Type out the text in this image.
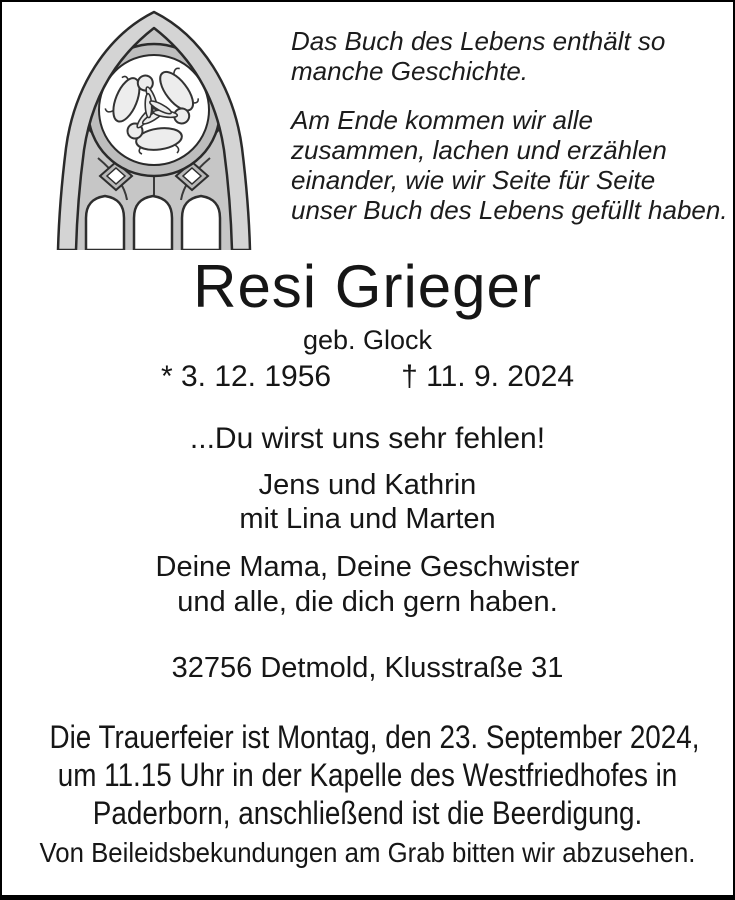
Das Buch des Lebens enthält so
manche Geschichte.
Am Ende kommen wir alle
zusammen, lachen und erzählen
einander, wie wir Seite für Seite
unser Buch des Lebens gefüllt haben.
Resi Grieger
geb. Glock
* 3. 12. 1956 † 11. 9. 2024
...Du wirst uns sehr fehlen!
Jens und Kathrin
mit Lina und Marten
Deine Mama, Deine Geschwister
und alle, die dich gern haben.
32756 Detmold, Klusstraße 31
Die Trauerfeier ist Montag, den 23. September 2024,
um 11.15 Uhr in der Kapelle des Westfriedhofes in
Paderborn, anschließend ist die Beerdigung.
Von Beileidsbekundungen am Grab bitten wir abzusehen.
